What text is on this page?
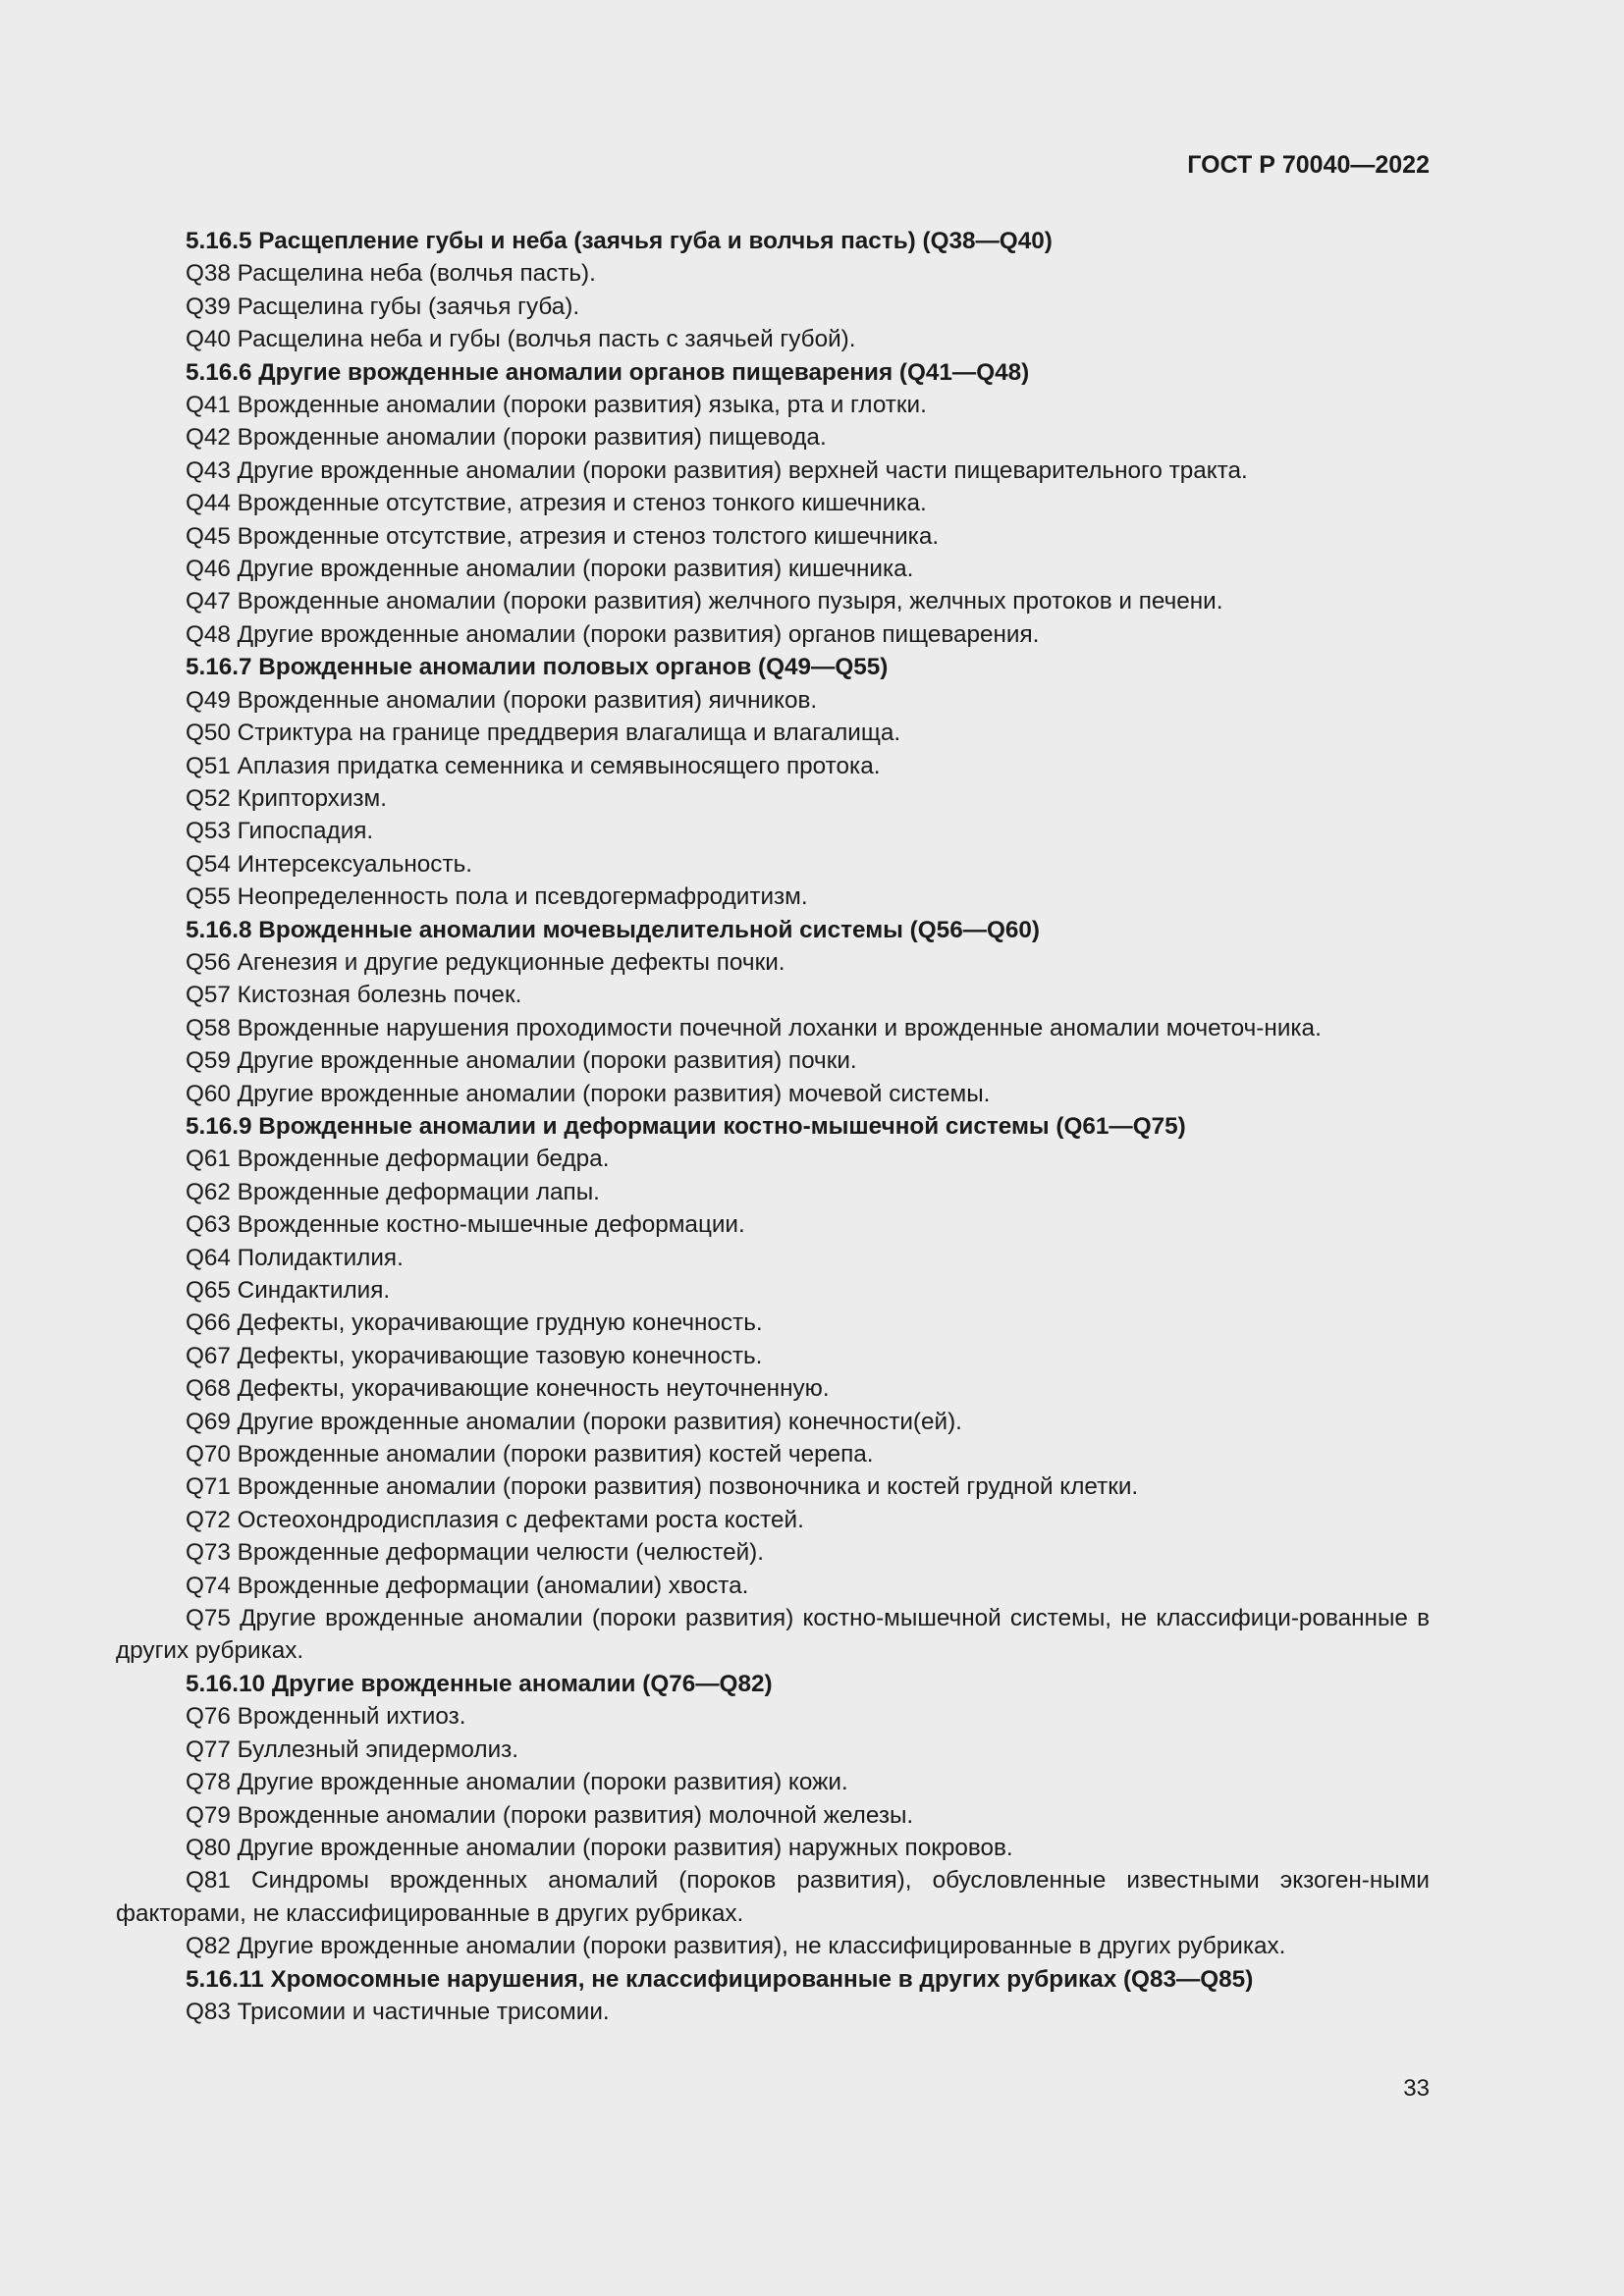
ГОСТ Р 70040—2022
5.16.5 Расщепление губы и неба (заячья губа и волчья пасть) (Q38—Q40)
Q38 Расщелина неба (волчья пасть).
Q39 Расщелина губы (заячья губа).
Q40 Расщелина неба и губы (волчья пасть с заячьей губой).
5.16.6 Другие врожденные аномалии органов пищеварения (Q41—Q48)
Q41 Врожденные аномалии (пороки развития) языка, рта и глотки.
Q42 Врожденные аномалии (пороки развития) пищевода.
Q43 Другие врожденные аномалии (пороки развития) верхней части пищеварительного тракта.
Q44 Врожденные отсутствие, атрезия и стеноз тонкого кишечника.
Q45 Врожденные отсутствие, атрезия и стеноз толстого кишечника.
Q46 Другие врожденные аномалии (пороки развития) кишечника.
Q47 Врожденные аномалии (пороки развития) желчного пузыря, желчных протоков и печени.
Q48 Другие врожденные аномалии (пороки развития) органов пищеварения.
5.16.7 Врожденные аномалии половых органов (Q49—Q55)
Q49 Врожденные аномалии (пороки развития) яичников.
Q50 Стриктура на границе преддверия влагалища и влагалища.
Q51 Аплазия придатка семенника и семявыносящего протока.
Q52 Крипторхизм.
Q53 Гипоспадия.
Q54 Интерсексуальность.
Q55 Неопределенность пола и псевдогермафродитизм.
5.16.8 Врожденные аномалии мочевыделительной системы (Q56—Q60)
Q56 Агенезия и другие редукционные дефекты почки.
Q57 Кистозная болезнь почек.
Q58 Врожденные нарушения проходимости почечной лоханки и врожденные аномалии мочеточ-ника.
Q59 Другие врожденные аномалии (пороки развития) почки.
Q60 Другие врожденные аномалии (пороки развития) мочевой системы.
5.16.9 Врожденные аномалии и деформации костно-мышечной системы (Q61—Q75)
Q61 Врожденные деформации бедра.
Q62 Врожденные деформации лапы.
Q63 Врожденные костно-мышечные деформации.
Q64 Полидактилия.
Q65 Синдактилия.
Q66 Дефекты, укорачивающие грудную конечность.
Q67 Дефекты, укорачивающие тазовую конечность.
Q68 Дефекты, укорачивающие конечность неуточненную.
Q69 Другие врожденные аномалии (пороки развития) конечности(ей).
Q70 Врожденные аномалии (пороки развития) костей черепа.
Q71 Врожденные аномалии (пороки развития) позвоночника и костей грудной клетки.
Q72 Остеохондродисплазия с дефектами роста костей.
Q73 Врожденные деформации челюсти (челюстей).
Q74 Врожденные деформации (аномалии) хвоста.
Q75 Другие врожденные аномалии (пороки развития) костно-мышечной системы, не классифици-рованные в других рубриках.
5.16.10 Другие врожденные аномалии (Q76—Q82)
Q76 Врожденный ихтиоз.
Q77 Буллезный эпидермолиз.
Q78 Другие врожденные аномалии (пороки развития) кожи.
Q79 Врожденные аномалии (пороки развития) молочной железы.
Q80 Другие врожденные аномалии (пороки развития) наружных покровов.
Q81 Синдромы врожденных аномалий (пороков развития), обусловленные известными экзоген-ными факторами, не классифицированные в других рубриках.
Q82 Другие врожденные аномалии (пороки развития), не классифицированные в других рубриках.
5.16.11 Хромосомные нарушения, не классифицированные в других рубриках (Q83—Q85)
Q83 Трисомии и частичные трисомии.
33
